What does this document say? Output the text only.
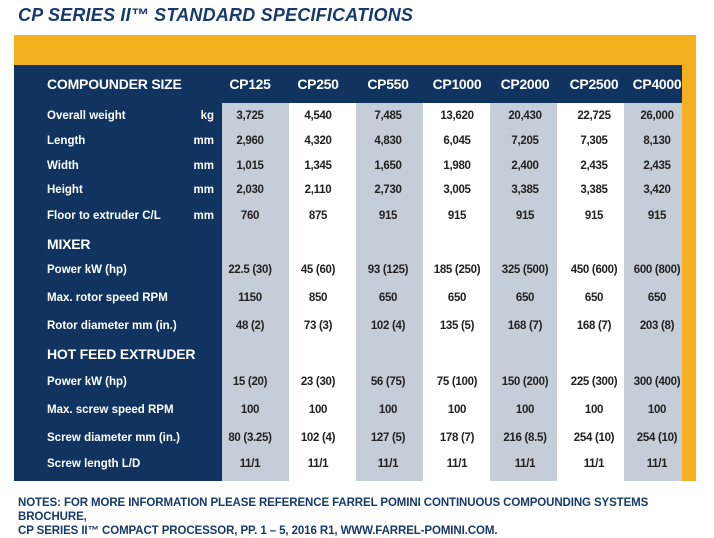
CP SERIES II™ STANDARD SPECIFICATIONS
COMPOUNDER SIZE	CP125 CP250 CP550 CP1000 CP2000 CP2500 CP4000
Overall weight	kg 3,725	4,540	7,485	13,620	20,430	22,725	26,000
Length	mm 2,960	4,320	4,830	6,045	7,205	7,305	8,130
Width	mm 1,015	1,345	1,650	1,980	2,400	2,435	2,435
Height	mm 2,030	2,110	2,730	3,005	3,385	3,385	3,420
Floor to extruder C/L	mm 760	875	915	915	915	915	915
MIXER
Power kW (hp)	22.5 (30)	45 (60)	93 (125) 185 (250) 325 (500) 450 (600) 600 (800)
Max. rotor speed RPM	1150	850	650	650	650	650	650
Rotor diameter mm (in.)	48 (2)	73 (3)	102 (4)	135 (5)	168 (7)	168 (7) 203 (8)
HOT FEED EXTRUDER
Power kW (hp)	15 (20)	23 (30)	56 (75)	75 (100) 150 (200) 225 (300) 300 (400)
Max. screw speed RPM	100	100	100	100	100	100	100
Screw diameter mm (in.)	80 (3.25)	102 (4)	127 (5)	178 (7)	216 (8.5) 254 (10) 254 (10)
Screw length L/D	11/1	11/1	11/1	11/1	11/1	11/1	11/1
NOTES: FOR MORE INFORMATION PLEASE REFERENCE FARREL POMINI CONTINUOUS COMPOUNDING SYSTEMS BROCHURE,
CP SERIES II™ COMPACT PROCESSOR, PP. 1 – 5, 2016 R1, WWW.FARREL-POMINI.COM.
